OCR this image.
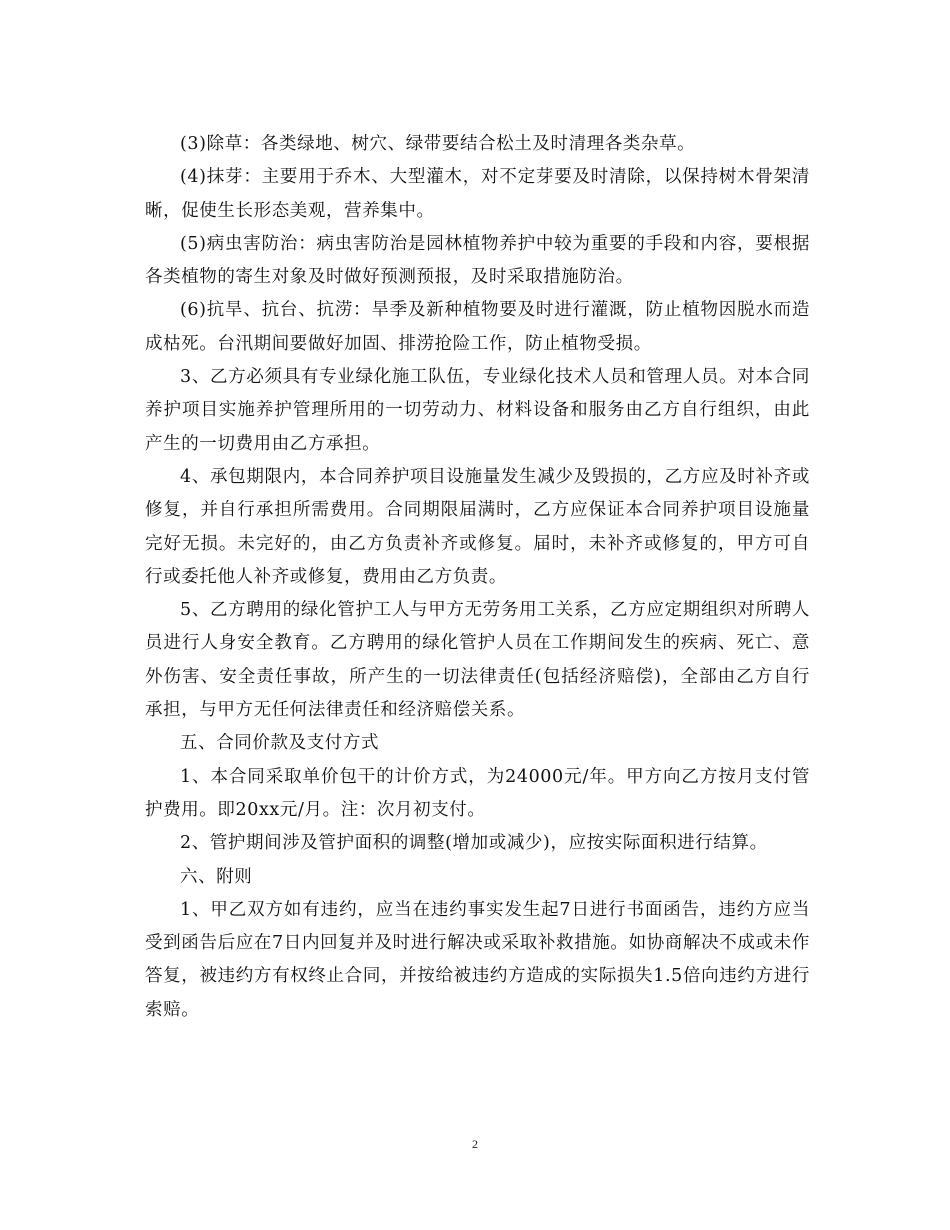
(3)除草：各类绿地、树穴、绿带要结合松土及时清理各类杂草。

(4)抹芽：主要用于乔木、大型灌木，对不定芽要及时清除，以保持树木骨架清晰，促使生长形态美观，营养集中。

(5)病虫害防治：病虫害防治是园林植物养护中较为重要的手段和内容，要根据各类植物的寄生对象及时做好预测预报，及时采取措施防治。

(6)抗旱、抗台、抗涝：旱季及新种植物要及时进行灌溉，防止植物因脱水而造成枯死。台汛期间要做好加固、排涝抢险工作，防止植物受损。

3、乙方必须具有专业绿化施工队伍，专业绿化技术人员和管理人员。对本合同养护项目实施养护管理所用的一切劳动力、材料设备和服务由乙方自行组织，由此产生的一切费用由乙方承担。

4、承包期限内，本合同养护项目设施量发生减少及毁损的，乙方应及时补齐或修复，并自行承担所需费用。合同期限届满时，乙方应保证本合同养护项目设施量完好无损。未完好的，由乙方负责补齐或修复。届时，未补齐或修复的，甲方可自行或委托他人补齐或修复，费用由乙方负责。

5、乙方聘用的绿化管护工人与甲方无劳务用工关系，乙方应定期组织对所聘人员进行人身安全教育。乙方聘用的绿化管护人员在工作期间发生的疾病、死亡、意外伤害、安全责任事故，所产生的一切法律责任(包括经济赔偿)，全部由乙方自行承担，与甲方无任何法律责任和经济赔偿关系。

五、合同价款及支付方式

1、本合同采取单价包干的计价方式，为24000元/年。甲方向乙方按月支付管护费用。即20xx元/月。注：次月初支付。

2、管护期间涉及管护面积的调整(增加或减少)，应按实际面积进行结算。

六、附则

1、甲乙双方如有违约，应当在违约事实发生起7日进行书面函告，违约方应当受到函告后应在7日内回复并及时进行解决或采取补救措施。如协商解决不成或未作答复，被违约方有权终止合同，并按给被违约方造成的实际损失1.5倍向违约方进行索赔。

2
